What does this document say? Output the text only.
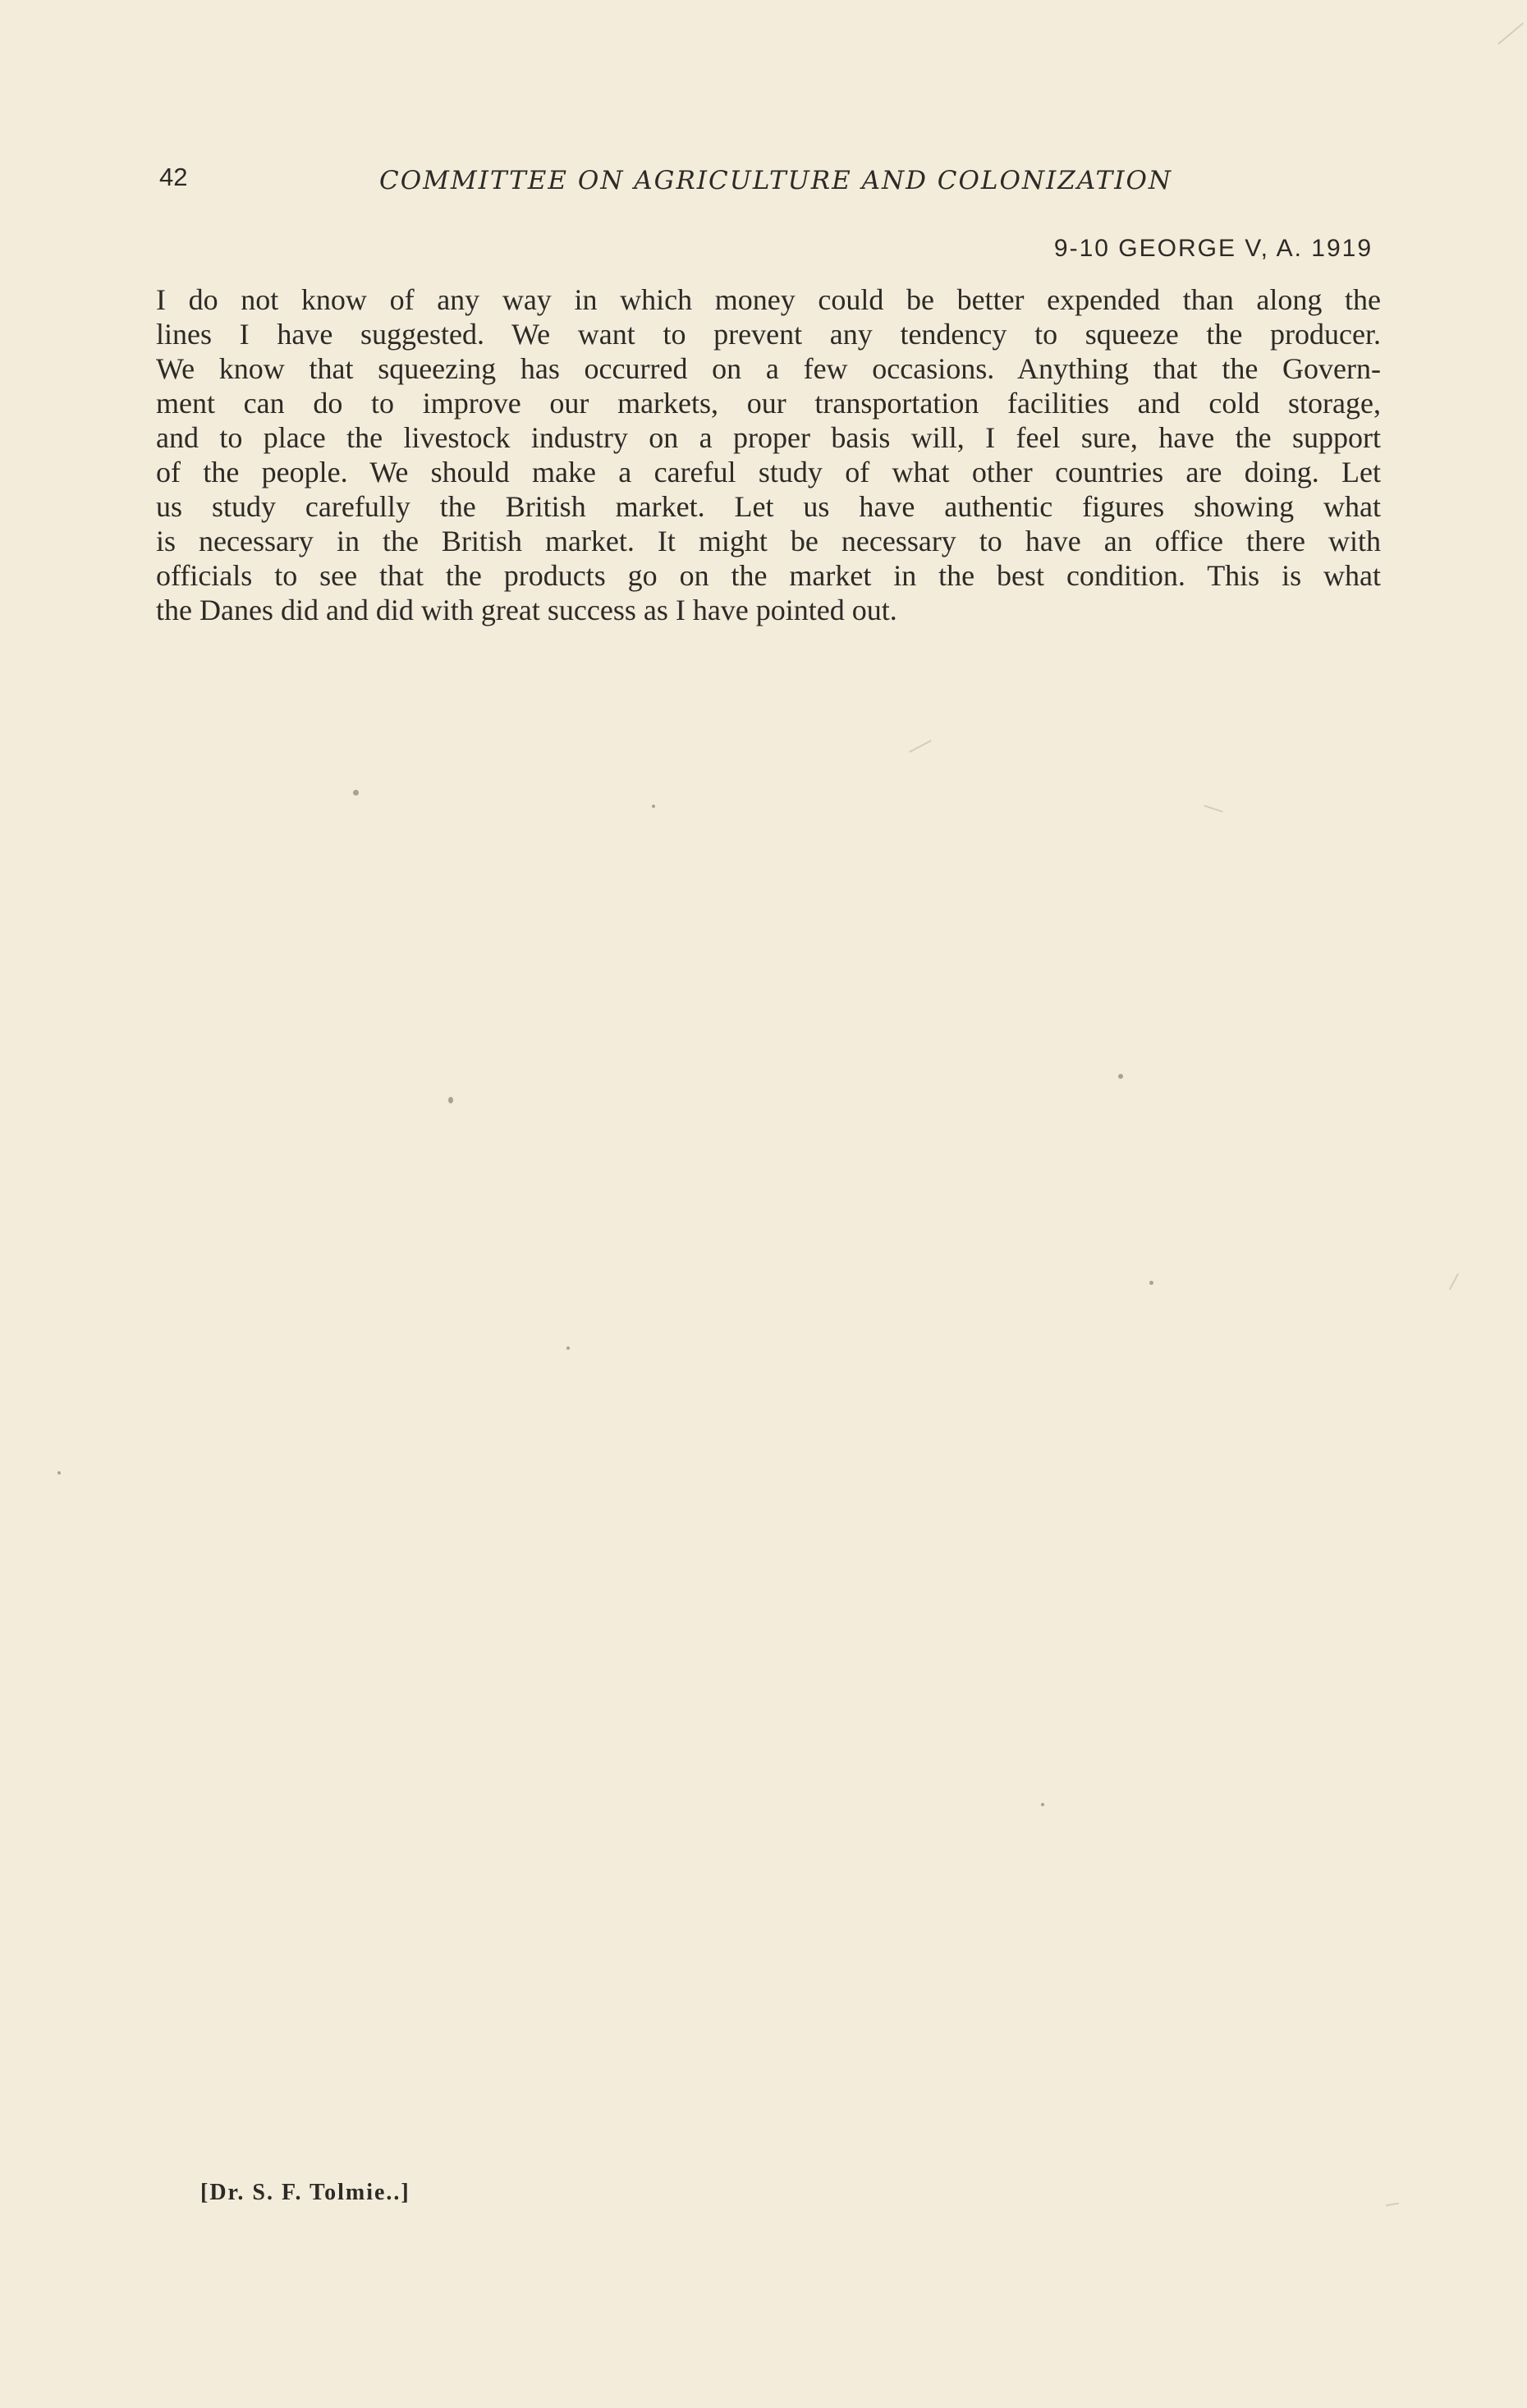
42	COMMITTEE ON AGRICULTURE AND COLONIZATION
9-10 GEORGE V, A. 1919
I do not know of any way in which money could be better expended than along the
lines I have suggested. We want to prevent any tendency to squeeze the producer.
We know that squeezing has occurred on a few occasions. Anything that the Govern-
ment can do to improve our markets, our transportation facilities and cold storage,
and to place the livestock industry on a proper basis will, I feel sure, have the support
of the people. We should make a careful study of what other countries are doing. Let
us study carefully the British market. Let us have authentic figures showing what
is necessary in the British market. It might be necessary to have an office there with
officials to see that the products go on the market in the best condition. This is what
the Danes did and did with great success as I have pointed out.
[Dr. S. F. Tolmie..]
